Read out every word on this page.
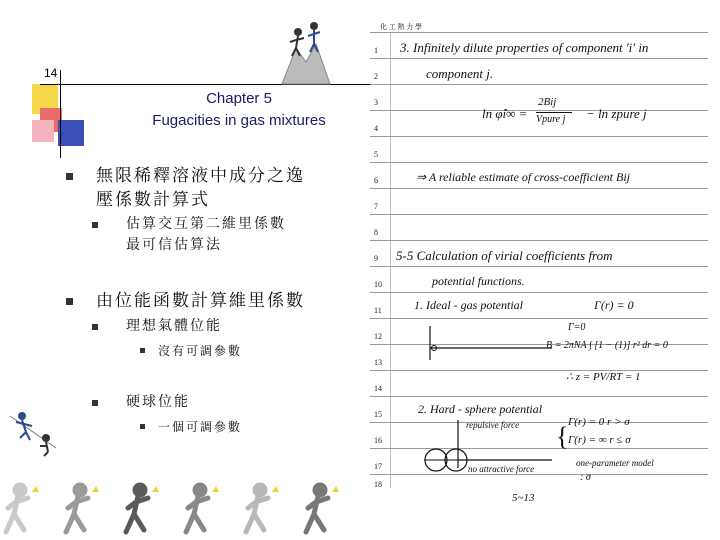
14
Chapter 5
Fugacities in gas mixtures
無限稀釋溶液中成分之逸
壓係數計算式
估算交互第二維里係數
最可信估算法
由位能函數計算維里係數
理想氣體位能
沒有可調參數
硬球位能
一個可調參數
化 工 熱 力 學
1
2
3
4
5
6
7
8
9
10
11
12
13
14
15
16
17
18
3. Infinitely dilute properties of component 'i' in
component j.
ln φ̂i∞ =
2Bij
Vpure j − ln zpure j
⇒ A reliable estimate of cross-coefficient Bij
5-5 Calculation of virial coefficients from
potential functions.
1. Ideal - gas potential	Γ(r) = 0
Γ=0
B = 2πNA ∫ [1 − (1)] r² dr = 0
∴ z = PV/RT = 1
2. Hard - sphere potential
repulsive force { Γ(r) = 0 r > σ
Γ(r) = ∞ r ≤ σ
one-parameter model
: σ
no attractive force
5~13
